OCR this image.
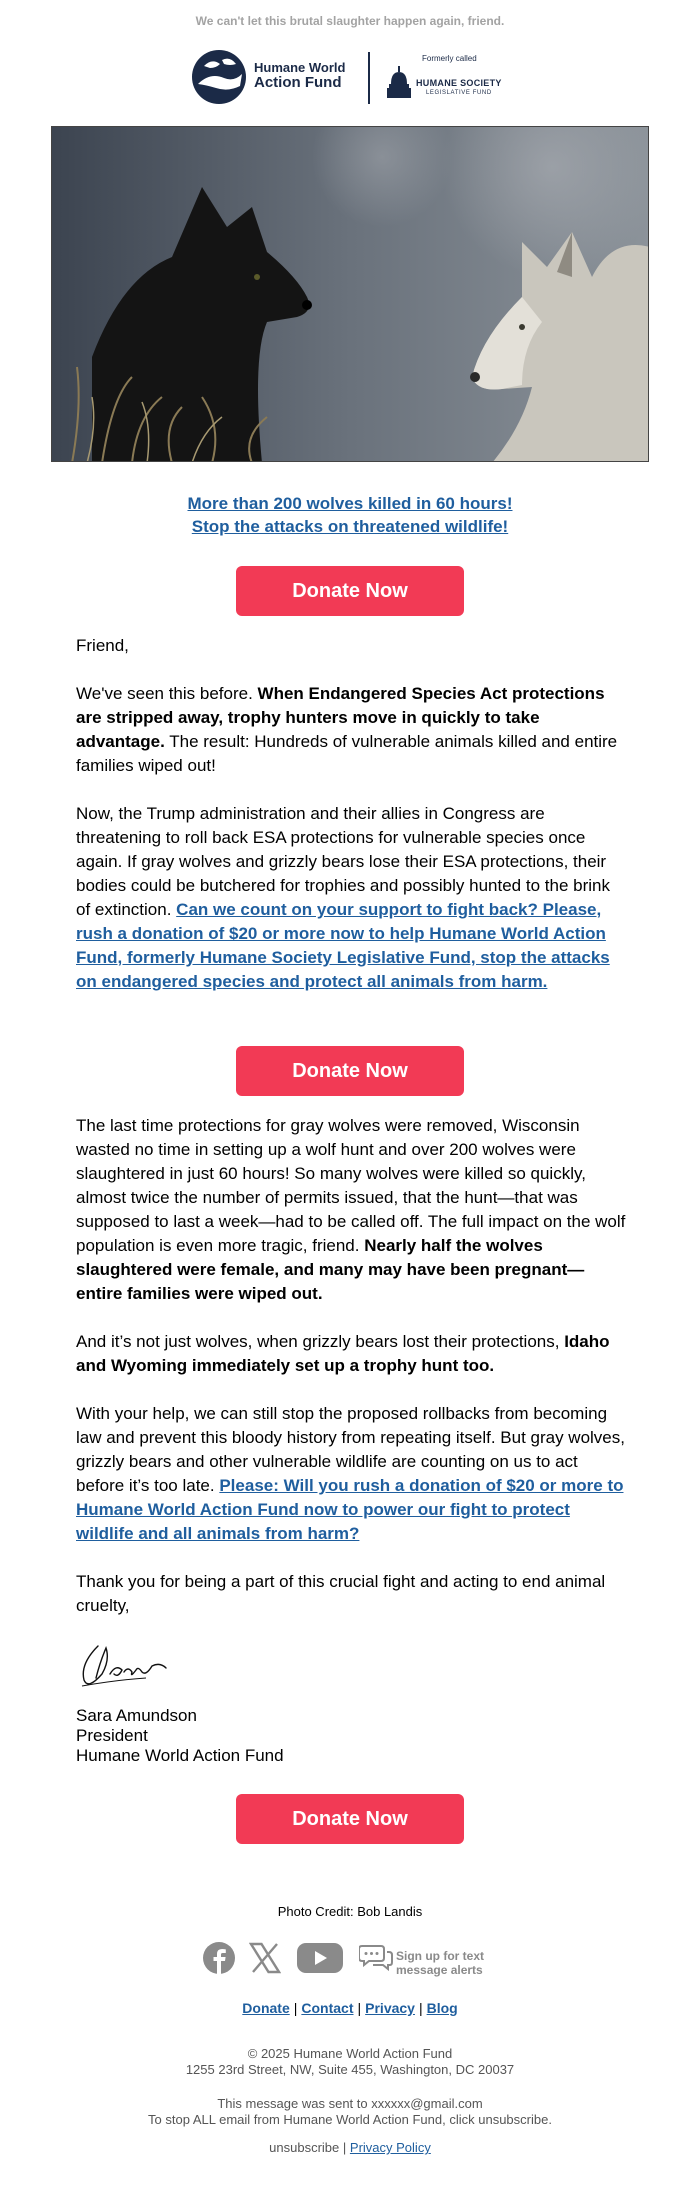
We can't let this brutal slaughter happen again, friend.
Humane World
Action Fund
Formerly called
HUMANE SOCIETY
LEGISLATIVE FUND
More than 200 wolves killed in 60 hours!
Stop the attacks on threatened wildlife!
Donate Now
Friend,
We've seen this before. When Endangered Species Act protections are stripped away, trophy hunters move in quickly to take advantage. The result: Hundreds of vulnerable animals killed and entire families wiped out!
Now, the Trump administration and their allies in Congress are threatening to roll back ESA protections for vulnerable species once again. If gray wolves and grizzly bears lose their ESA protections, their bodies could be butchered for trophies and possibly hunted to the brink of extinction. Can we count on your support to fight back? Please, rush a donation of $20 or more now to help Humane World Action Fund, formerly Humane Society Legislative Fund, stop the attacks on endangered species and protect all animals from harm.
Donate Now
The last time protections for gray wolves were removed, Wisconsin wasted no time in setting up a wolf hunt and over 200 wolves were slaughtered in just 60 hours! So many wolves were killed so quickly, almost twice the number of permits issued, that the hunt—that was supposed to last a week—had to be called off. The full impact on the wolf population is even more tragic, friend. Nearly half the wolves slaughtered were female, and many may have been pregnant—entire families were wiped out.
And it’s not just wolves, when grizzly bears lost their protections, Idaho and Wyoming immediately set up a trophy hunt too.
With your help, we can still stop the proposed rollbacks from becoming law and prevent this bloody history from repeating itself. But gray wolves, grizzly bears and other vulnerable wildlife are counting on us to act before it’s too late. Please: Will you rush a donation of $20 or more to Humane World Action Fund now to power our fight to protect wildlife and all animals from harm?
Thank you for being a part of this crucial fight and acting to end animal cruelty,
Sara Amundson
President
Humane World Action Fund
Donate Now
Photo Credit: Bob Landis
Sign up for text
message alerts
Donate | Contact | Privacy | Blog
© 2025 Humane World Action Fund
1255 23rd Street, NW, Suite 455, Washington, DC 20037
This message was sent to xxxxxx@gmail.com
To stop ALL email from Humane World Action Fund, click unsubscribe.
unsubscribe | Privacy Policy
